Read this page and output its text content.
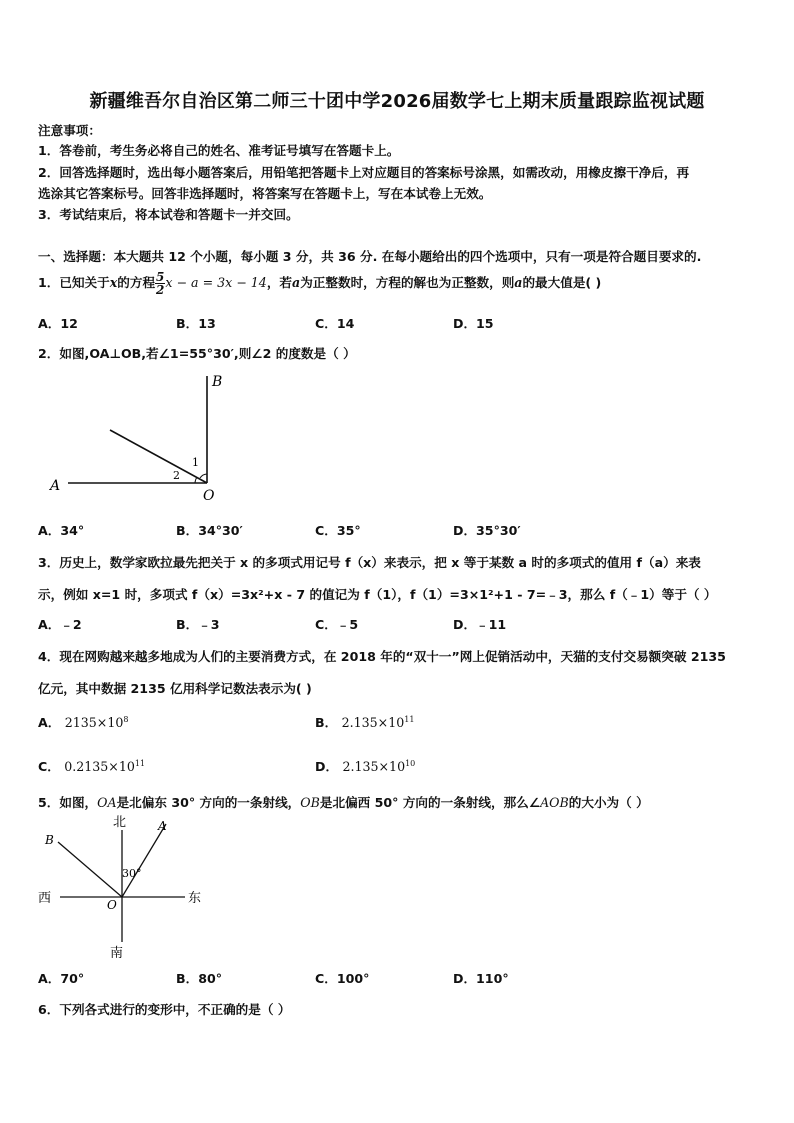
新疆维吾尔自治区第二师三十团中学2026届数学七上期末质量跟踪监视试题
注意事项：
1．答卷前，考生务必将自己的姓名、准考证号填写在答题卡上。
2．回答选择题时，选出每小题答案后，用铅笔把答题卡上对应题目的答案标号涂黑，如需改动，用橡皮擦干净后，再
选涂其它答案标号。回答非选择题时，将答案写在答题卡上，写在本试卷上无效。
3．考试结束后，将本试卷和答题卡一并交回。
一、选择题：本大题共 12 个小题，每小题 3 分，共 36 分. 在每小题给出的四个选项中，只有一项是符合题目要求的.
1．已知关于x的方程 $\frac{5}{2}$ x − a = 3x − 14，若a为正整数时，方程的解也为正整数，则a的最大值是( )
A．12	B．13	C．14	D．15
2．如图,OA⊥OB,若∠1=55°30′,则∠2 的度数是（ ）
B
A
O
1
2
A．34°	B．34°30′	C．35°	D．35°30′
3．历史上，数学家欧拉最先把关于 x 的多项式用记号 f（x）来表示，把 x 等于某数 a 时的多项式的值用 f（a）来表
示，例如 x=1 时，多项式 f（x）=3x²+x - 7 的值记为 f（1），f（1）=3×1²+1 - 7=﹣3，那么 f（﹣1）等于（ ）
A．﹣2	B．﹣3	C．﹣5	D．﹣11
4．现在网购越来越多地成为人们的主要消费方式，在 2018 年的“双十一”网上促销活动中，天猫的支付交易额突破 2135
亿元，其中数据 2135 亿用科学记数法表示为( )
A． $2135\times 10^8$	B． $2.135\times 10^{11}$
C． $0.2135\times 10^{11}$	D． $2.135\times 10^{10}$
5．如图，OA是北偏东 30° 方向的一条射线，OB是北偏西 50° 方向的一条射线，那么∠AOB的大小为（ ）
北
南
西	东
A
B
O
30°
A．70°	B．80°	C．100°	D．110°
6．下列各式进行的变形中，不正确的是（ ）
